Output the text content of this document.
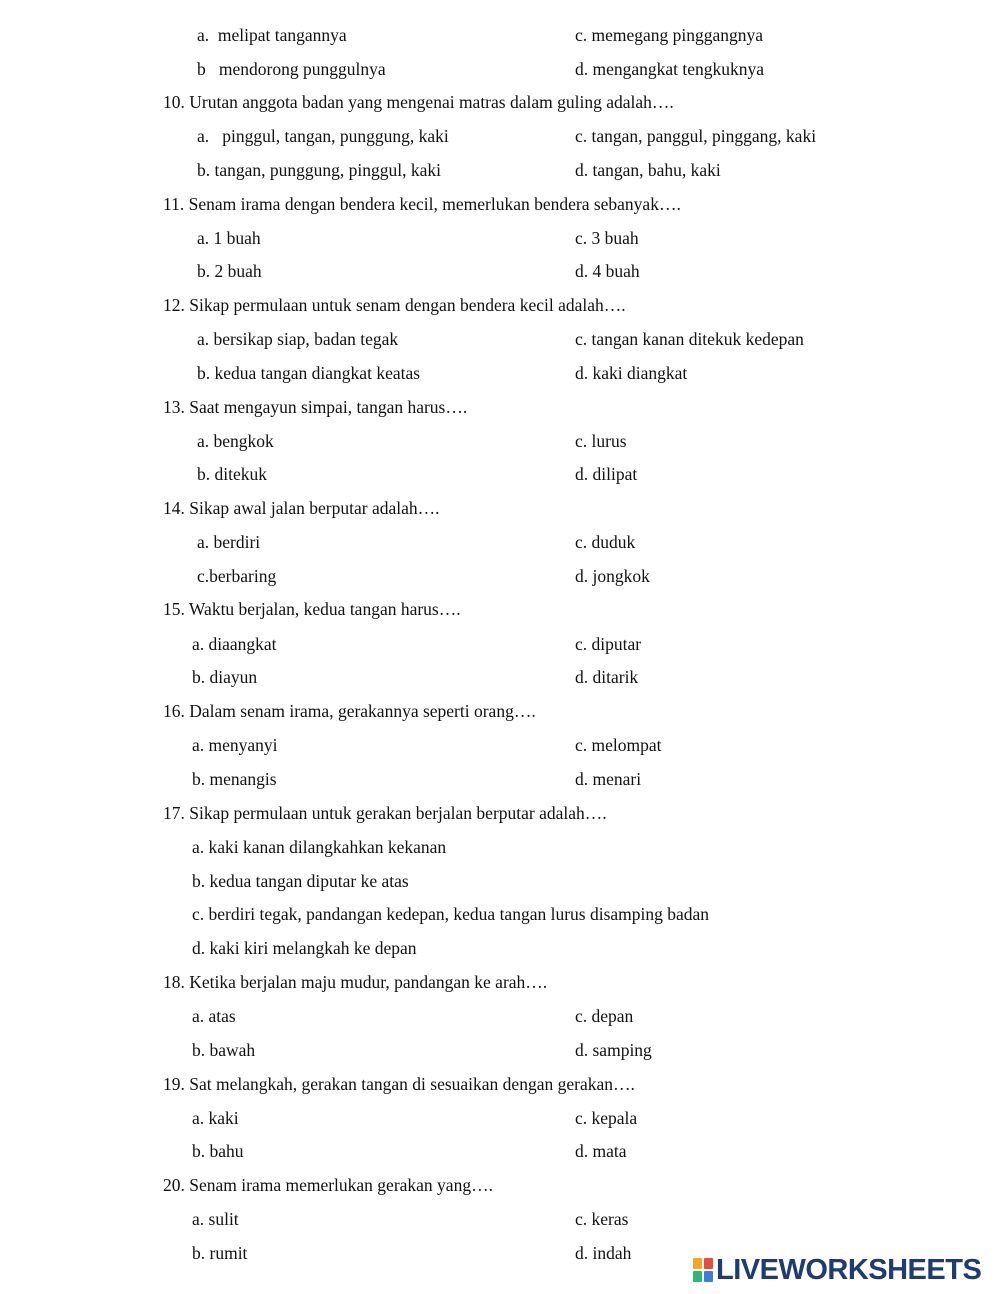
a.  melipat tangannya	c. memegang pinggangnya
b   mendorong punggulnya	d. mengangkat tengkuknya
10. Urutan anggota badan yang mengenai matras dalam guling adalah….
a.   pinggul, tangan, punggung, kaki	c. tangan, panggul, pinggang, kaki
b. tangan, punggung, pinggul, kaki	d. tangan, bahu, kaki
11. Senam irama dengan bendera kecil, memerlukan bendera sebanyak….
a. 1 buah	c. 3 buah
b. 2 buah	d. 4 buah
12. Sikap permulaan untuk senam dengan bendera kecil adalah….
a. bersikap siap, badan tegak	c. tangan kanan ditekuk kedepan
b. kedua tangan diangkat keatas	d. kaki diangkat
13. Saat mengayun simpai, tangan harus….
a. bengkok	c. lurus
b. ditekuk	d. dilipat
14. Sikap awal jalan berputar adalah….
a. berdiri	c. duduk
c.berbaring	d. jongkok
15. Waktu berjalan, kedua tangan harus….
a. diaangkat	c. diputar
b. diayun	d. ditarik
16. Dalam senam irama, gerakannya seperti orang….
a. menyanyi	c. melompat
b. menangis	d. menari
17. Sikap permulaan untuk gerakan berjalan berputar adalah….
a. kaki kanan dilangkahkan kekanan
b. kedua tangan diputar ke atas
c. berdiri tegak, pandangan kedepan, kedua tangan lurus disamping badan
d. kaki kiri melangkah ke depan
18. Ketika berjalan maju mudur, pandangan ke arah….
a. atas	c. depan
b. bawah	d. samping
19. Sat melangkah, gerakan tangan di sesuaikan dengan gerakan….
a. kaki	c. kepala
b. bahu	d. mata
20. Senam irama memerlukan gerakan yang….
a. sulit	c. keras
b. rumit	d. indah
LIVEWORKSHEETS
